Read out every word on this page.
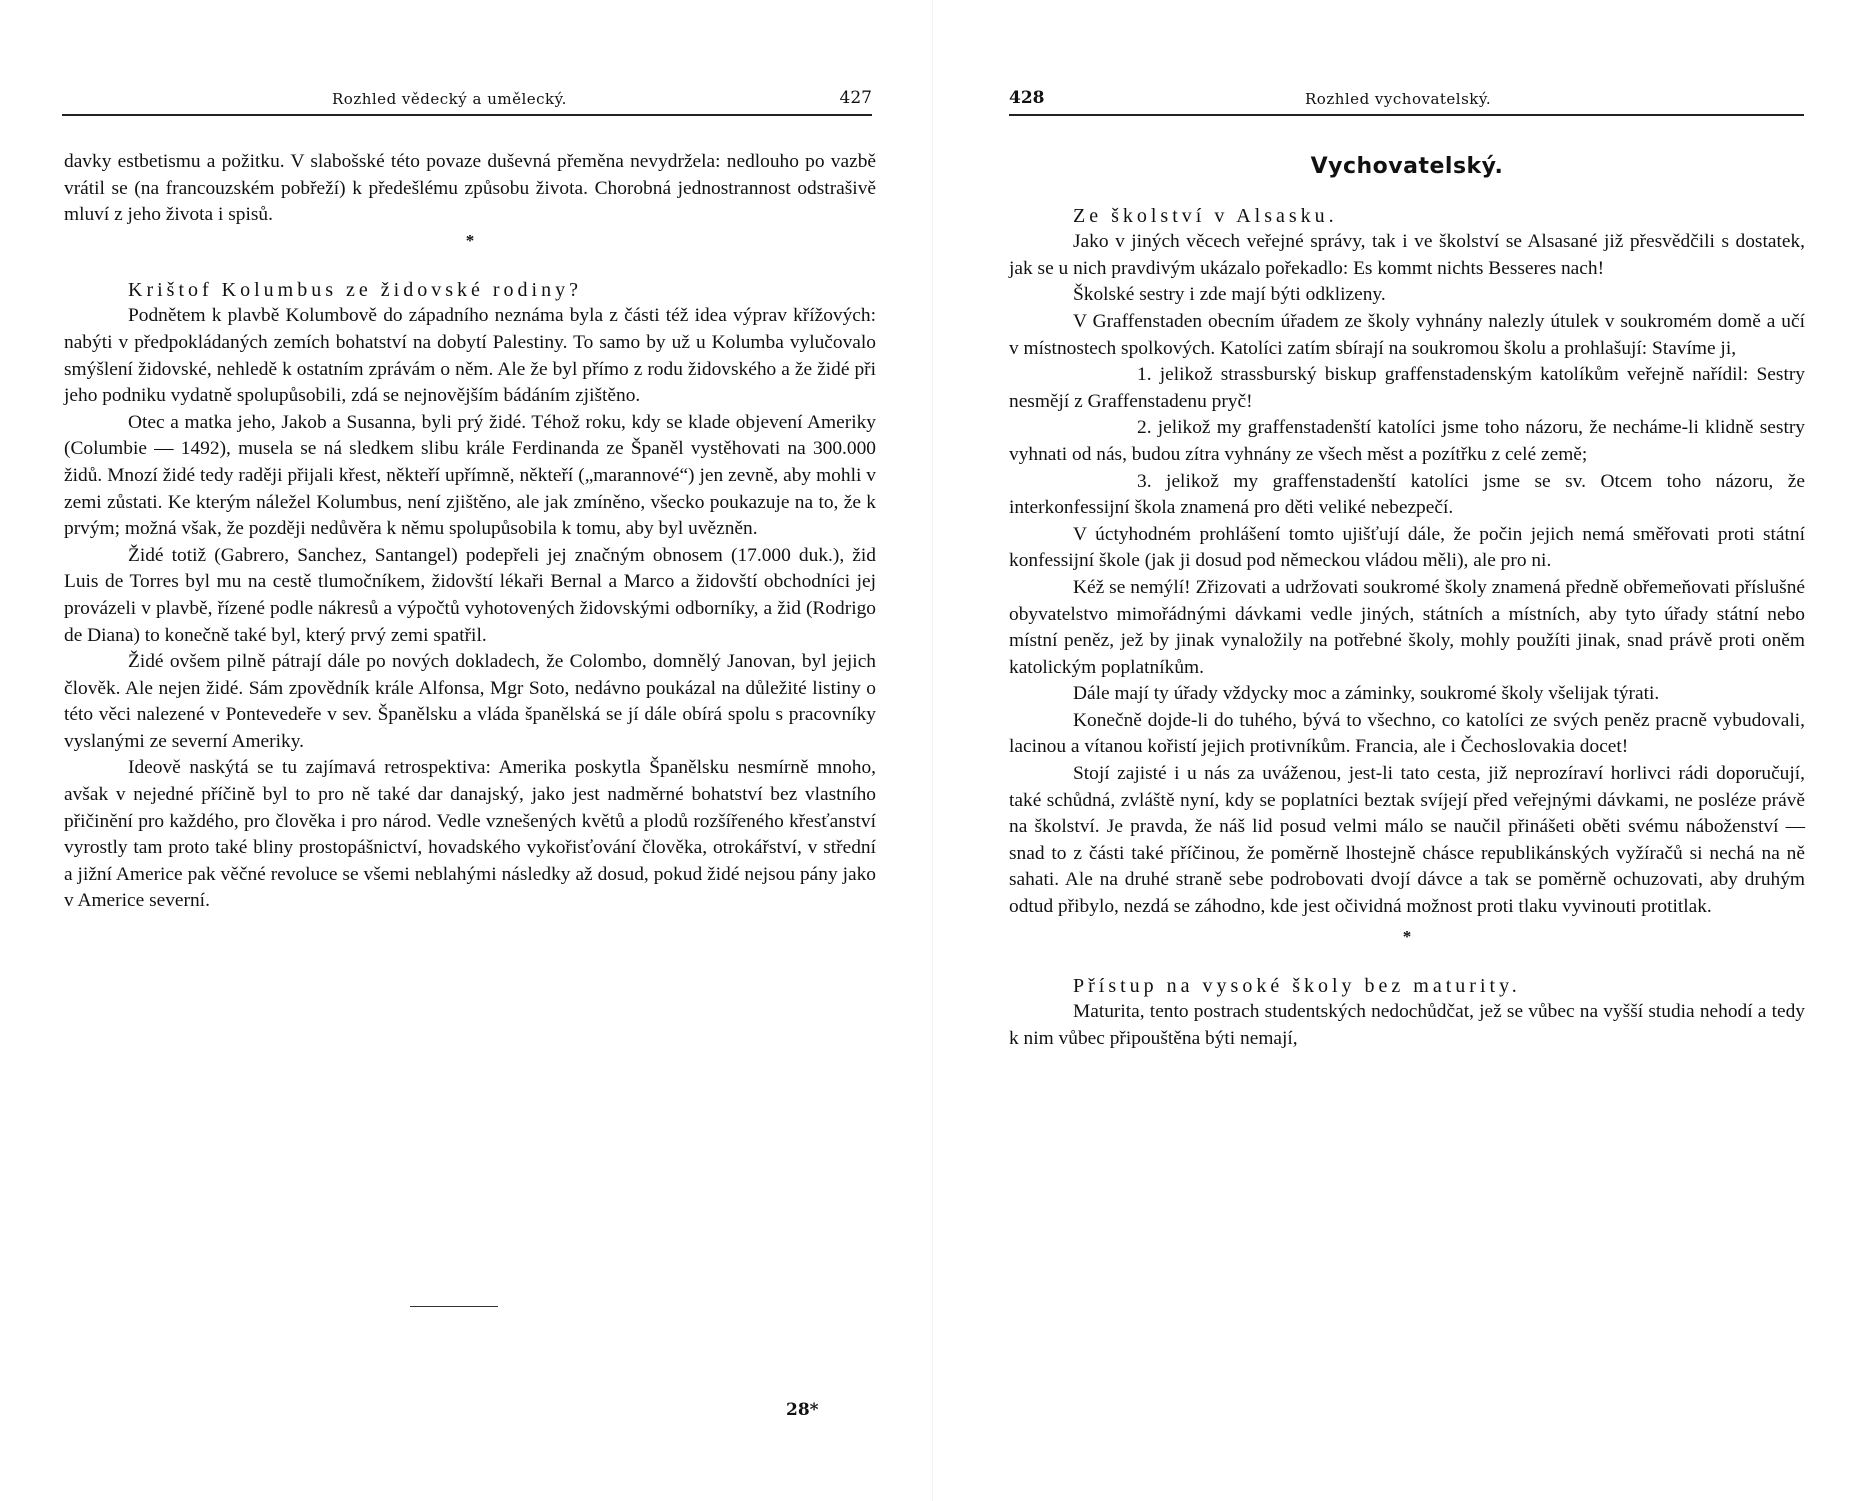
Rozhled vědecký a umělecký.	427

davky estbetismu a požitku. V slabošské této povaze duševná přeměna nevydržela: nedlouho po vazbě vrátil se (na francouzském pobřeží) k předešlému způsobu života. Chorobná jednostrannost odstrašivě mluví z jeho života i spisů.

*

Krištof Kolumbus ze židovské rodiny?

Podnětem k plavbě Kolumbově do západního neznáma byla z části též idea výprav křížových: nabýti v předpokládaných zemích bohatství na dobytí Palestiny. To samo by už u Kolumba vylučovalo smýšlení židovské, nehledě k ostatním zprávám o něm. Ale že byl přímo z rodu židovského a že židé při jeho podniku vydatně spolupůsobili, zdá se nejnovějším bádáním zjištěno.

Otec a matka jeho, Jakob a Susanna, byli prý židé. Téhož roku, kdy se klade objevení Ameriky (Columbie — 1492), musela se ná sledkem slibu krále Ferdinanda ze Španěl vystěhovati na 300.000 židů. Mnozí židé tedy raději přijali křest, někteří upřímně, někteří („marannové“) jen zevně, aby mohli v zemi zůstati. Ke kterým náležel Kolumbus, není zjištěno, ale jak zmíněno, všecko poukazuje na to, že k prvým; možná však, že později nedůvěra k němu spolupůsobila k tomu, aby byl uvězněn.

Židé totiž (Gabrero, Sanchez, Santangel) podepřeli jej značným obnosem (17.000 duk.), žid Luis de Torres byl mu na cestě tlumočníkem, židovští lékaři Bernal a Marco a židovští obchodníci jej provázeli v plavbě, řízené podle nákresů a výpočtů vyhotovených židovskými odborníky, a žid (Rodrigo de Diana) to konečně také byl, který prvý zemi spatřil.

Židé ovšem pilně pátrají dále po nových dokladech, že Colombo, domnělý Janovan, byl jejich člověk. Ale nejen židé. Sám zpovědník krále Alfonsa, Mgr Soto, nedávno poukázal na důležité listiny o této věci nalezené v Pontevedeře v sev. Španělsku a vláda španělská se jí dále obírá spolu s pracovníky vyslanými ze severní Ameriky.

Ideově naskýtá se tu zajímavá retrospektiva: Amerika poskytla Španělsku nesmírně mnoho, avšak v nejedné příčině byl to pro ně také dar danajský, jako jest nadměrné bohatství bez vlastního přičinění pro každého, pro člověka i pro národ. Vedle vznešených květů a plodů rozšířeného křesťanství vyrostly tam proto také bliny prostopášnictví, hovadského vykořisťování člověka, otrokářství, v střední a jižní Americe pak věčné revoluce se všemi neblahými následky až dosud, pokud židé nejsou pány jako v Americe severní.

28*
428	Rozhled vychovatelský.

Vychovatelský.

Ze školství v Alsasku.

Jako v jiných věcech veřejné správy, tak i ve školství se Alsasané již přesvědčili s dostatek, jak se u nich pravdivým ukázalo pořekadlo: Es kommt nichts Besseres nach!

Školské sestry i zde mají býti odklizeny.

V Graffenstaden obecním úřadem ze školy vyhnány nalezly útulek v soukromém domě a učí v místnostech spolkových. Katolíci zatím sbírají na soukromou školu a prohlašují: Stavíme ji,

1. jelikož strassburský biskup graffenstadenským katolíkům veřejně nařídil: Sestry nesmějí z Graffenstadenu pryč!

2. jelikož my graffenstadenští katolíci jsme toho názoru, že necháme-li klidně sestry vyhnati od nás, budou zítra vyhnány ze všech měst a pozítřku z celé země;

3. jelikož my graffenstadenští katolíci jsme se sv. Otcem toho názoru, že interkonfessijní škola znamená pro děti veliké nebezpečí.

V úctyhodném prohlášení tomto ujišťují dále, že počin jejich nemá směřovati proti státní konfessijní škole (jak ji dosud pod německou vládou měli), ale pro ni.

Kéž se nemýlí! Zřizovati a udržovati soukromé školy znamená předně obřemeňovati příslušné obyvatelstvo mimořádnými dávkami vedle jiných, státních a místních, aby tyto úřady státní nebo místní peněz, jež by jinak vynaložily na potřebné školy, mohly použíti jinak, snad právě proti oněm katolickým poplatníkům.

Dále mají ty úřady vždycky moc a záminky, soukromé školy všelijak týrati.

Konečně dojde-li do tuhého, bývá to všechno, co katolíci ze svých peněz pracně vybudovali, lacinou a vítanou kořistí jejich protivníkům. Francia, ale i Čechoslovakia docet!

Stojí zajisté i u nás za uváženou, jest-li tato cesta, již neprozíraví horlivci rádi doporučují, také schůdná, zvláště nyní, kdy se poplatníci beztak svíjejí před veřejnými dávkami, ne posléze právě na školství. Je pravda, že náš lid posud velmi málo se naučil přinášeti oběti svému náboženství — snad to z části také příčinou, že poměrně lhostejně chásce republikánských vyžíračů si nechá na ně sahati. Ale na druhé straně sebe podrobovati dvojí dávce a tak se poměrně ochuzovati, aby druhým odtud přibylo, nezdá se záhodno, kde jest očividná možnost proti tlaku vyvinouti protitlak.

*

Přístup na vysoké školy bez maturity.

Maturita, tento postrach studentských nedochůdčat, jež se vůbec na vyšší studia nehodí a tedy k nim vůbec připouštěna býti nemají,
